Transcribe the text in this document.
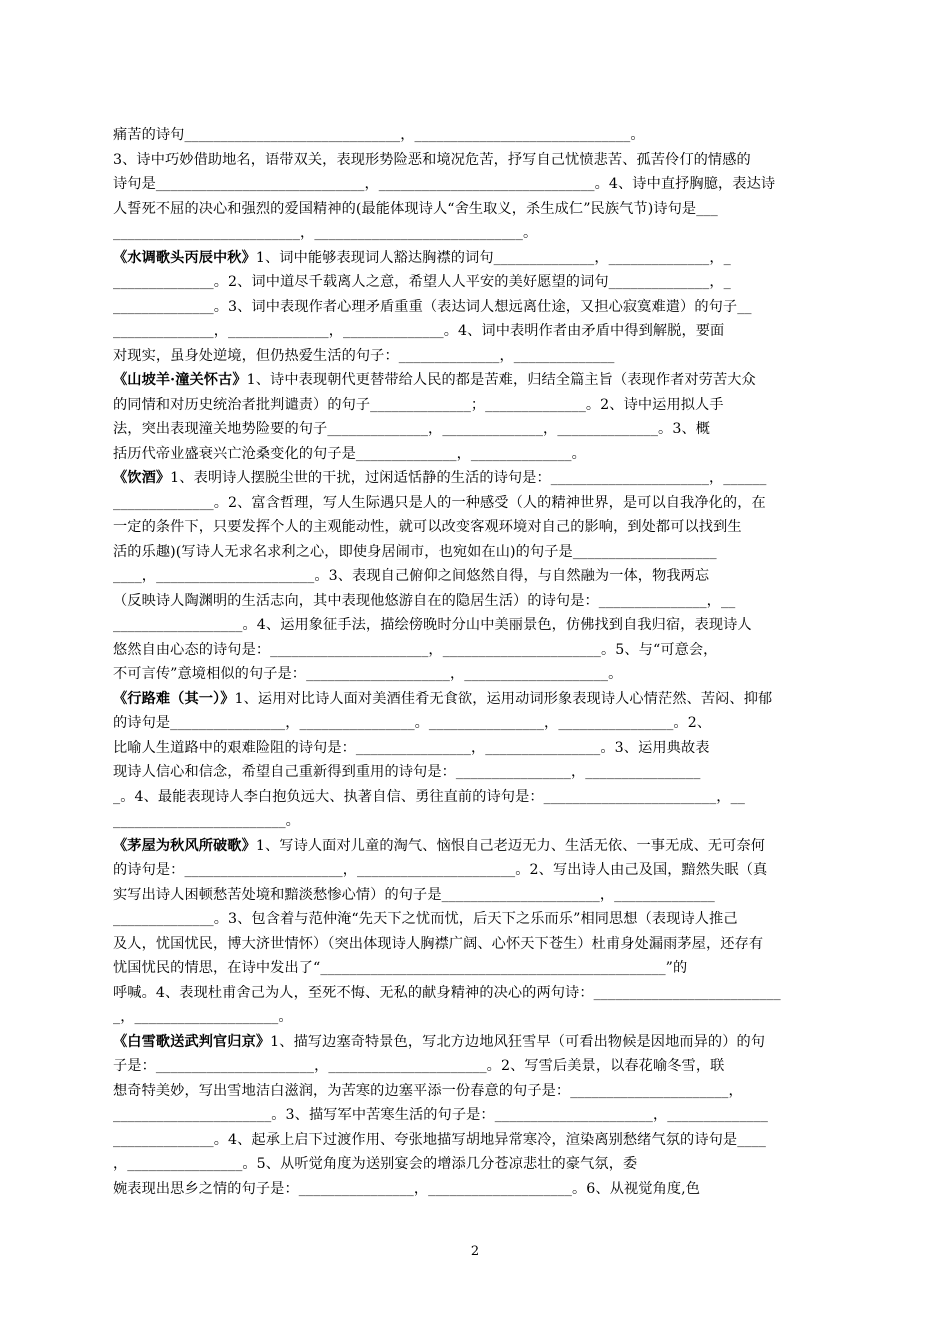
痛苦的诗句______________________________，______________________________。
3、诗中巧妙借助地名，语带双关，表现形势险恶和境况危苦，抒写自己忧愤悲苦、孤苦伶仃的情感的
诗句是_____________________________，______________________________。4、诗中直抒胸臆，表达诗
人誓死不屈的决心和强烈的爱国精神的(最能体现诗人“舍生取义，杀生成仁”民族气节)诗句是___
__________________________，_____________________________。
《水调歌头丙辰中秋》1、词中能够表现词人豁达胸襟的词句______________，______________，_
______________。2、词中道尽千载离人之意，希望人人平安的美好愿望的词句______________，_
______________。3、词中表现作者心理矛盾重重（表达词人想远离仕途，又担心寂寞难遣）的句子__
______________，______________，______________。4、词中表明作者由矛盾中得到解脱，要面
对现实，虽身处逆境，但仍热爱生活的句子：______________，______________
《山坡羊·潼关怀古》1、诗中表现朝代更替带给人民的都是苦难，归结全篇主旨（表现作者对劳苦大众
的同情和对历史统治者批判谴责）的句子______________；______________。2、诗中运用拟人手
法，突出表现潼关地势险要的句子______________，______________，______________。3、概
括历代帝业盛衰兴亡沧桑变化的句子是______________，______________。
《饮酒》1、表明诗人摆脱尘世的干扰，过闲适恬静的生活的诗句是：______________________，______
______________。2、富含哲理，写人生际遇只是人的一种感受（人的精神世界，是可以自我净化的，在
一定的条件下，只要发挥个人的主观能动性，就可以改变客观环境对自己的影响，到处都可以找到生
活的乐趣)(写诗人无求名求利之心，即使身居闹市，也宛如在山)的句子是____________________
____，______________________。3、表现自己俯仰之间悠然自得，与自然融为一体，物我两忘
（反映诗人陶渊明的生活志向，其中表现他悠游自在的隐居生活）的诗句是：_______________，__
__________________。4、运用象征手法，描绘傍晚时分山中美丽景色，仿佛找到自我归宿，表现诗人
悠然自由心态的诗句是：______________________，______________________。5、与“可意会，
不可言传”意境相似的句子是：____________________，____________________。
《行路难（其一）》1、运用对比诗人面对美酒佳肴无食欲，运用动词形象表现诗人心情茫然、苦闷、抑郁
的诗句是________________，________________。________________，________________。2、
比喻人生道路中的艰难险阻的诗句是：________________，________________。3、运用典故表
现诗人信心和信念，希望自己重新得到重用的诗句是：________________，________________
_。4、最能表现诗人李白抱负远大、执著自信、勇往直前的诗句是：________________________，__
________________________。
《茅屋为秋风所破歌》1、写诗人面对儿童的淘气、恼恨自己老迈无力、生活无依、一事无成、无可奈何
的诗句是：______________________，______________________。2、写出诗人由己及国，黯然失眠（真
实写出诗人困顿愁苦处境和黯淡愁惨心情）的句子是______________________，______________
______________。3、包含着与范仲淹“先天下之忧而忧，后天下之乐而乐”相同思想（表现诗人推己
及人，忧国忧民，博大济世情怀）（突出体现诗人胸襟广阔、心怀天下苍生）杜甫身处漏雨茅屋，还存有
忧国忧民的情思，在诗中发出了“________________________________________________”的
呼喊。4、表现杜甫舍己为人，至死不悔、无私的献身精神的决心的两句诗：__________________________
_，____________________。
《白雪歌送武判官归京》1、描写边塞奇特景色，写北方边地风狂雪早（可看出物候是因地而异的）的句
子是：______________________，______________________。2、写雪后美景，以春花喻冬雪，联
想奇特美妙，写出雪地洁白滋润，为苦寒的边塞平添一份春意的句子是：______________________，
______________________。3、描写军中苦寒生活的句子是：______________________，______________
______________。4、起承上启下过渡作用、夸张地描写胡地异常寒冷，渲染离别愁绪气氛的诗句是____
，________________。5、从听觉角度为送别宴会的增添几分苍凉悲壮的豪气氛，委
婉表现出思乡之情的句子是：________________，____________________。6、从视觉角度,色
2
